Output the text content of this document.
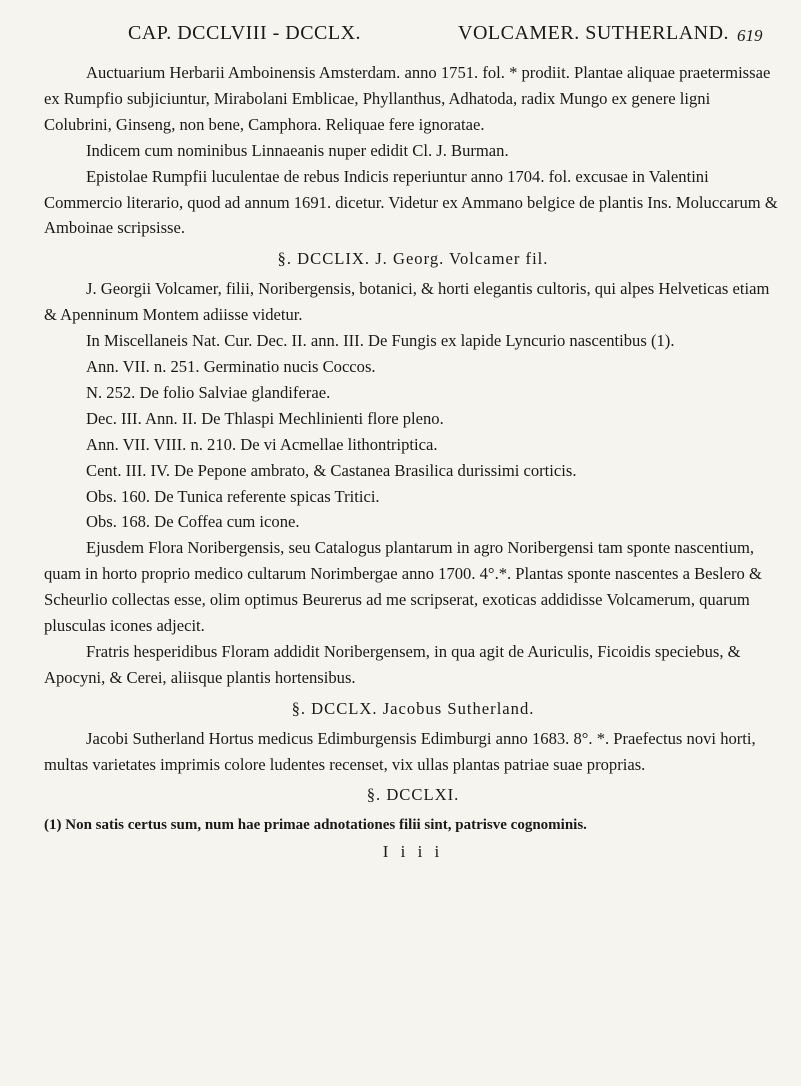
CAP. DCCLVIII - DCCLX.	VOLCAMER. SUTHERLAND. 619

Auctuarium Herbarii Amboinensis Amsterdam. anno 1751. fol. * prodiit. Plantae aliquae praetermissae ex Rumpfio subjiciuntur, Mirabolani Emblicae, Phyllanthus, Adhatoda, radix Mungo ex genere ligni Colubrini, Ginseng, non bene, Camphora. Reliquae fere ignoratae.

Indicem cum nominibus Linnaeanis nuper edidit Cl. J. Burman.

Epistolae Rumpfii luculentae de rebus Indicis reperiuntur anno 1704. fol. excusae in Valentini Commercio literario, quod ad annum 1691. dicetur. Videtur ex Ammano belgice de plantis Ins. Moluccarum & Amboinae scripsisse.

§. DCCLIX. J. Georg. Volcamer fil.

J. Georgii Volcamer, filii, Noribergensis, botanici, & horti elegantis cultoris, qui alpes Helveticas etiam & Apenninum Montem adiisse videtur.

In Miscellaneis Nat. Cur. Dec. II. ann. III. De Fungis ex lapide Lyncurio nascentibus (1).

Ann. VII. n. 251. Germinatio nucis Coccos.

N. 252. De folio Salviae glandiferae.

Dec. III. Ann. II. De Thlaspi Mechlinienti flore pleno.

Ann. VII. VIII. n. 210. De vi Acmellae lithontriptica.

Cent. III. IV. De Pepone ambrato, & Castanea Brasilica durissimi corticis.

Obs. 160. De Tunica referente spicas Tritici.

Obs. 168. De Coffea cum icone.

Ejusdem Flora Noribergensis, seu Catalogus plantarum in agro Noribergensi tam sponte nascentium, quam in horto proprio medico cultarum Norimbergae anno 1700. 4°.*. Plantas sponte nascentes a Beslero & Scheurlio collectas esse, olim optimus Beurerus ad me scripserat, exoticas addidisse Volcamerum, quarum plusculas icones adjecit.

Fratris hesperidibus Floram addidit Noribergensem, in qua agit de Auriculis, Ficoidis speciebus, & Apocyni, & Cerei, aliisque plantis hortensibus.

§. DCCLX. Jacobus Sutherland.

Jacobi Sutherland Hortus medicus Edimburgensis Edimburgi anno 1683. 8°. *. Praefectus novi horti, multas varietates imprimis colore ludentes recenset, vix ullas plantas patriae suae proprias.

§. DCCLXI.

(1) Non satis certus sum, num hae primae adnotationes filii sint, patrisve cognominis.

I i i i
